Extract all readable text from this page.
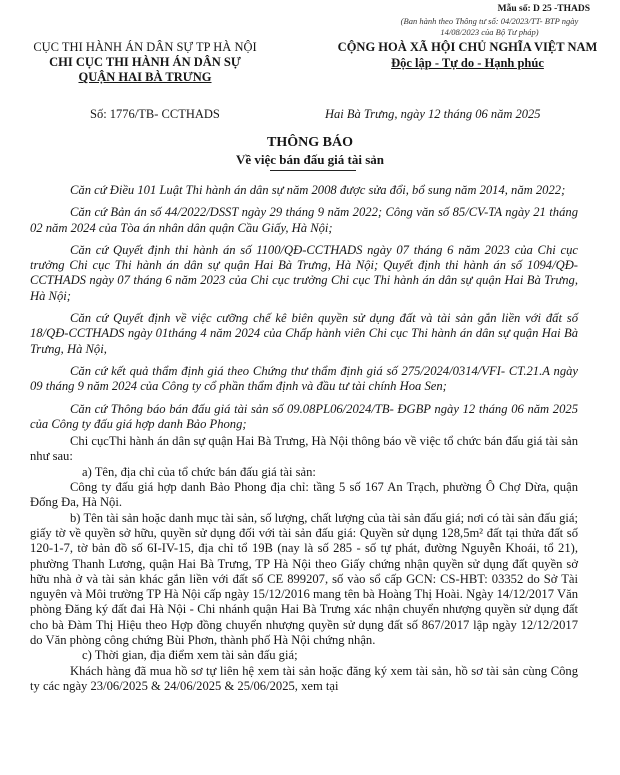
Mẫu số: D 25 -THADS
(Ban hành theo Thông tư số: 04/2023/TT- BTP ngày 14/08/2023 của Bộ Tư pháp)
CỤC THI HÀNH ÁN DÂN SỰ TP HÀ NỘI
CHI CỤC THI HÀNH ÁN DÂN SỰ
QUẬN HAI BÀ TRƯNG
CỘNG HOÀ XÃ HỘI CHỦ NGHĨA VIỆT NAM
Độc lập - Tự do - Hạnh phúc
Số: 1776/TB- CCTHADS	Hai Bà Trưng, ngày 12 tháng 06 năm 2025
THÔNG BÁO
Về việc bán đấu giá tài sản

Căn cứ Điều 101 Luật Thi hành án dân sự năm 2008 được sửa đổi, bổ sung năm 2014, năm 2022;

Căn cứ Bản án số 44/2022/DSST ngày 29 tháng 9 năm 2022; Công văn số 85/CV-TA ngày 21 tháng 02 năm 2024 của Tòa án nhân dân quận Cầu Giấy, Hà Nội;

Căn cứ Quyết định thi hành án số 1100/QĐ-CCTHADS ngày 07 tháng 6 năm 2023 của Chi cục trưởng Chi cục Thi hành án dân sự quận Hai Bà Trưng, Hà Nội; Quyết định thi hành án số 1094/QĐ-CCTHADS ngày 07 tháng 6 năm 2023 của Chi cục trưởng Chi cục Thi hành án dân sự quận Hai Bà Trưng, Hà Nội;

Căn cứ Quyết định về việc cưỡng chế kê biên quyền sử dụng đất và tài sản gắn liền với đất số 18/QĐ-CCTHADS ngày 01tháng 4 năm 2024 của Chấp hành viên Chi cục Thi hành án dân sự quận Hai Bà Trưng, Hà Nội,

Căn cứ kết quả thẩm định giá theo Chứng thư thẩm định giá số 275/2024/0314/VFI- CT.21.A ngày 09 tháng 9 năm 2024 của Công ty cổ phần thẩm định và đầu tư tài chính Hoa Sen;

Căn cứ Thông báo bán đấu giá tài sản số 09.08PL06/2024/TB- ĐGBP ngày 12 tháng 06 năm 2025 của Công ty đấu giá hợp danh Bảo Phong;

Chi cụcThi hành án dân sự quận Hai Bà Trưng, Hà Nội thông báo về việc tổ chức bán đấu giá tài sản như sau:

a) Tên, địa chỉ của tổ chức bán đấu giá tài sản:

Công ty đấu giá hợp danh Bảo Phong địa chỉ: tầng 5 số 167 An Trạch, phường Ô Chợ Dừa, quận Đống Đa, Hà Nội.

b) Tên tài sản hoặc danh mục tài sản, số lượng, chất lượng của tài sản đấu giá; nơi có tài sản đấu giá; giấy tờ về quyền sở hữu, quyền sử dụng đối với tài sản đấu giá: Quyền sử dụng 128,5m² đất tại thửa đất số 120-1-7, tờ bản đồ số 6I-IV-15, địa chỉ tổ 19B (nay là số 285 - số tự phát, đường Nguyễn Khoái, tổ 21), phường Thanh Lương, quận Hai Bà Trưng, TP Hà Nội theo Giấy chứng nhận quyền sử dụng đất quyền sở hữu nhà ở và tài sản khác gắn liền với đất số CE 899207, số vào sổ cấp GCN: CS-HBT: 03352 do Sở Tài nguyên và Môi trường TP Hà Nội cấp ngày 15/12/2016 mang tên bà Hoàng Thị Hoài. Ngày 14/12/2017 Văn phòng Đăng ký đất đai Hà Nội - Chi nhánh quận Hai Bà Trưng xác nhận chuyển nhượng quyền sử dụng đất cho bà Đàm Thị Hiệu theo Hợp đồng chuyển nhượng quyền sử dụng đất số 867/2017 lập ngày 12/12/2017 do Văn phòng công chứng Bùi Phơn, thành phố Hà Nội chứng nhận.

c) Thời gian, địa điểm xem tài sản đấu giá;

Khách hàng đã mua hồ sơ tự liên hệ xem tài sản hoặc đăng ký xem tài sản, hồ sơ tài sản cùng Công ty các ngày 23/06/2025 & 24/06/2025 & 25/06/2025, xem tại
